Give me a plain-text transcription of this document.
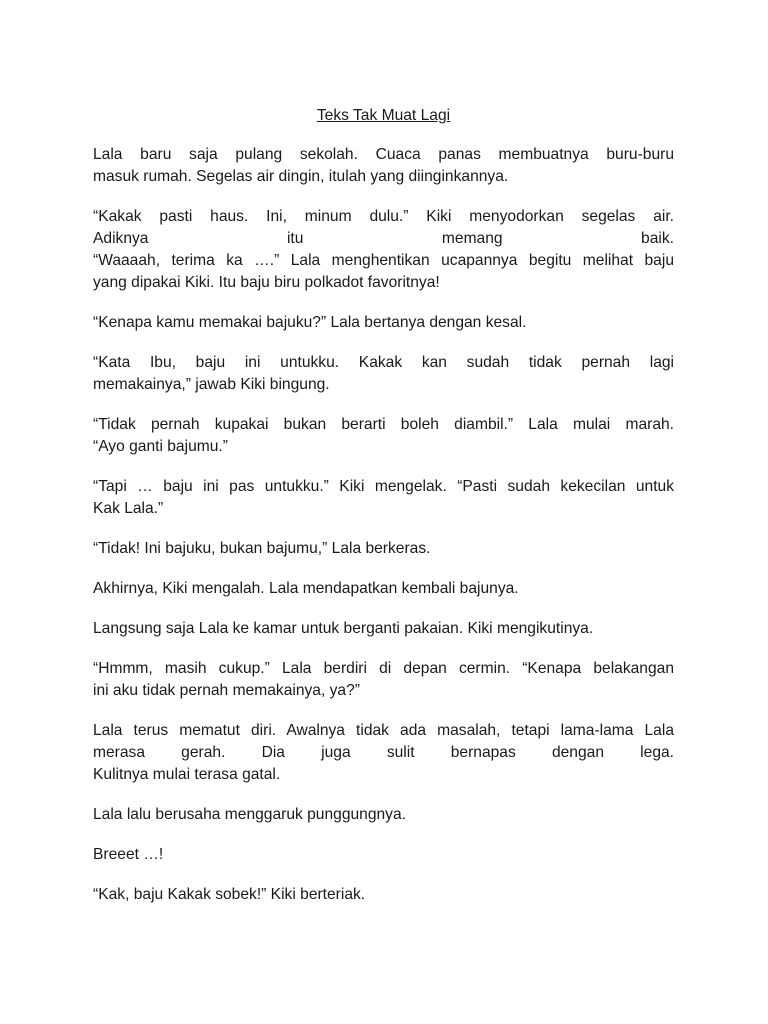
Teks Tak Muat Lagi
Lala baru saja pulang sekolah. Cuaca panas membuatnya buru-buru
masuk rumah. Segelas air dingin, itulah yang diinginkannya.
“Kakak pasti haus. Ini, minum dulu.” Kiki menyodorkan segelas air.
Adiknya itu memang baik.
“Waaaah, terima ka ….” Lala menghentikan ucapannya begitu melihat baju
yang dipakai Kiki. Itu baju biru polkadot favoritnya!
“Kenapa kamu memakai bajuku?” Lala bertanya dengan kesal.
“Kata Ibu, baju ini untukku. Kakak kan sudah tidak pernah lagi
memakainya,” jawab Kiki bingung.
“Tidak pernah kupakai bukan berarti boleh diambil.” Lala mulai marah.
“Ayo ganti bajumu.”
“Tapi … baju ini pas untukku.” Kiki mengelak. “Pasti sudah kekecilan untuk
Kak Lala.”
“Tidak! Ini bajuku, bukan bajumu,” Lala berkeras.
Akhirnya, Kiki mengalah. Lala mendapatkan kembali bajunya.
Langsung saja Lala ke kamar untuk berganti pakaian. Kiki mengikutinya.
“Hmmm, masih cukup.” Lala berdiri di depan cermin. “Kenapa belakangan
ini aku tidak pernah memakainya, ya?”
Lala terus mematut diri. Awalnya tidak ada masalah, tetapi lama-lama Lala
merasa gerah. Dia juga sulit bernapas dengan lega.
Kulitnya mulai terasa gatal.
Lala lalu berusaha menggaruk punggungnya.
Breeet …!
“Kak, baju Kakak sobek!” Kiki berteriak.
